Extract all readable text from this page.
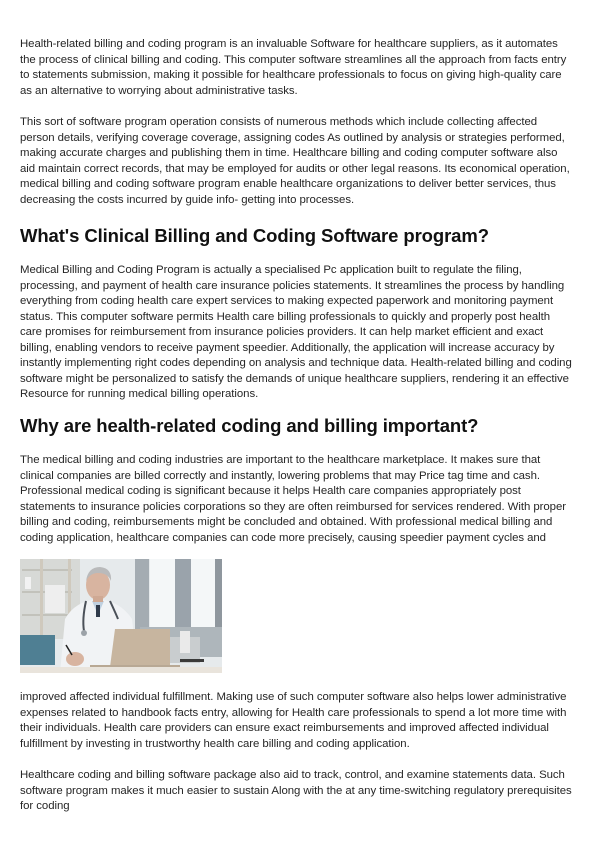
Health-related billing and coding program is an invaluable Software for healthcare suppliers, as it automates the process of clinical billing and coding. This computer software streamlines all the approach from facts entry to statements submission, making it possible for healthcare professionals to focus on giving high-quality care as an alternative to worrying about administrative tasks.

This sort of software program operation consists of numerous methods which include collecting affected person details, verifying coverage coverage, assigning codes As outlined by analysis or strategies performed, making accurate charges and publishing them in time. Healthcare billing and coding computer software also aid maintain correct records, that may be employed for audits or other legal reasons. Its economical operation, medical billing and coding software program enable healthcare organizations to deliver better services, thus decreasing the costs incurred by guide info- getting into processes.

What's Clinical Billing and Coding Software program?

Medical Billing and Coding Program is actually a specialised Pc application built to regulate the filing, processing, and payment of health care insurance policies statements. It streamlines the process by handling everything from coding health care expert services to making expected paperwork and monitoring payment status. This computer software permits Health care billing professionals to quickly and properly post health care promises for reimbursement from insurance policies providers. It can help market efficient and exact billing, enabling vendors to receive payment speedier. Additionally, the application will increase accuracy by instantly implementing right codes depending on analysis and technique data. Health-related billing and coding software might be personalized to satisfy the demands of unique healthcare suppliers, rendering it an effective Resource for running medical billing operations.

Why are health-related coding and billing important?

The medical billing and coding industries are important to the healthcare marketplace. It makes sure that clinical companies are billed correctly and instantly, lowering problems that may Price tag time and cash. Professional medical coding is significant because it helps Health care companies appropriately post statements to insurance policies corporations so they are often reimbursed for services rendered. With proper billing and coding, reimbursements might be concluded and obtained. With professional medical billing and coding application, healthcare companies can code more precisely, causing speedier payment cycles and

improved affected individual fulfillment. Making use of such computer software also helps lower administrative expenses related to handbook facts entry, allowing for Health care professionals to spend a lot more time with their individuals. Health care providers can ensure exact reimbursements and improved affected individual fulfillment by investing in trustworthy health care billing and coding application.

Healthcare coding and billing software package also aid to track, control, and examine statements data. Such software program makes it much easier to sustain Along with the at any time-switching regulatory prerequisites for coding
